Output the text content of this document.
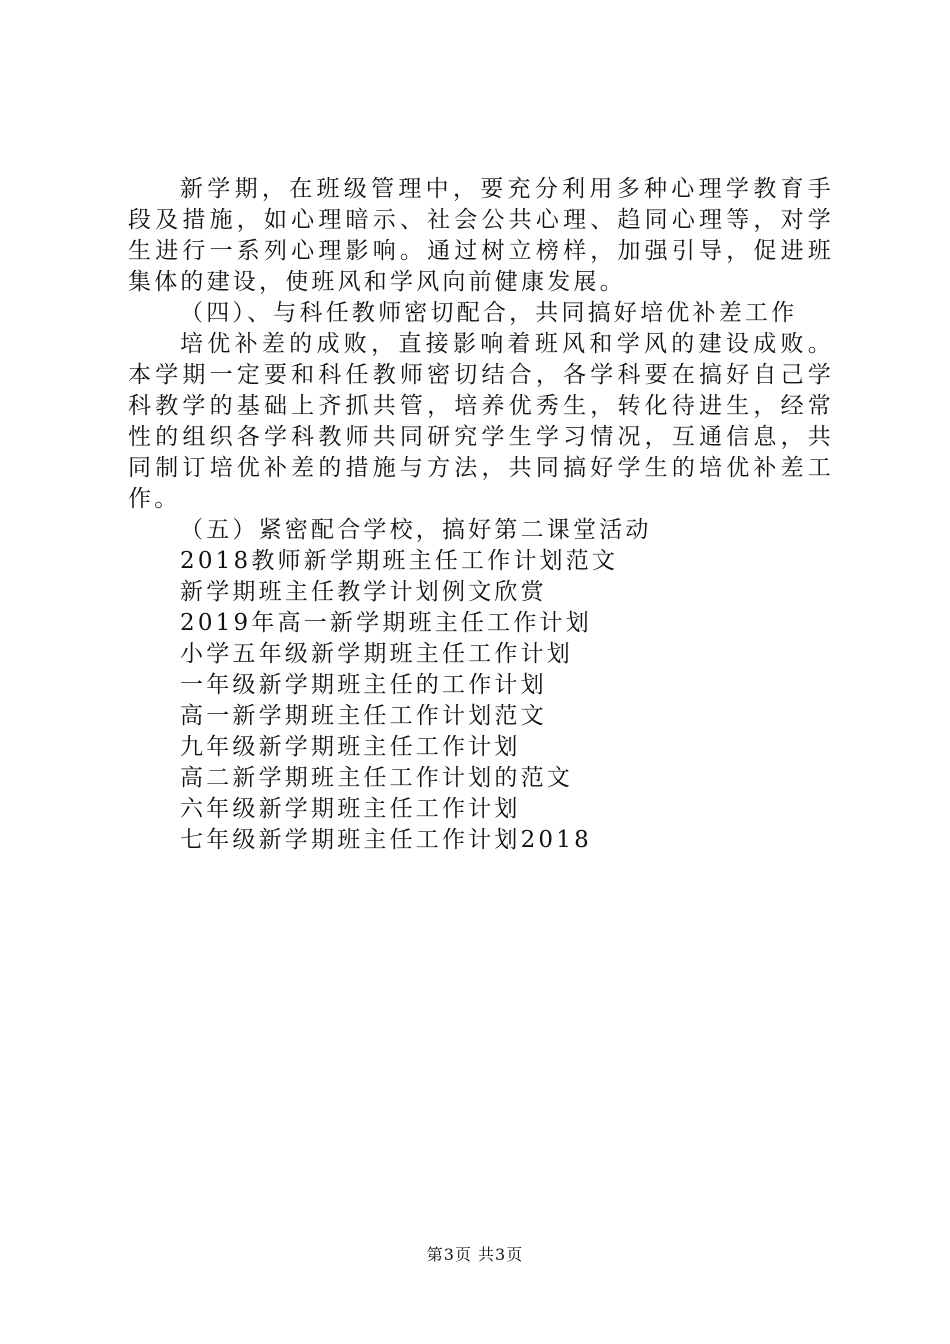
新学期，在班级管理中，要充分利用多种心理学教育手段及措施，如心理暗示、社会公共心理、趋同心理等，对学生进行一系列心理影响。通过树立榜样，加强引导，促进班集体的建设，使班风和学风向前健康发展。

（四）、与科任教师密切配合，共同搞好培优补差工作

培优补差的成败，直接影响着班风和学风的建设成败。本学期一定要和科任教师密切结合，各学科要在搞好自己学科教学的基础上齐抓共管，培养优秀生，转化待进生，经常性的组织各学科教师共同研究学生学习情况，互通信息，共同制订培优补差的措施与方法，共同搞好学生的培优补差工作。

（五）紧密配合学校，搞好第二课堂活动

2018教师新学期班主任工作计划范文
新学期班主任教学计划例文欣赏
2019年高一新学期班主任工作计划
小学五年级新学期班主任工作计划
一年级新学期班主任的工作计划
高一新学期班主任工作计划范文
九年级新学期班主任工作计划
高二新学期班主任工作计划的范文
六年级新学期班主任工作计划
七年级新学期班主任工作计划2018
第3页 共3页
